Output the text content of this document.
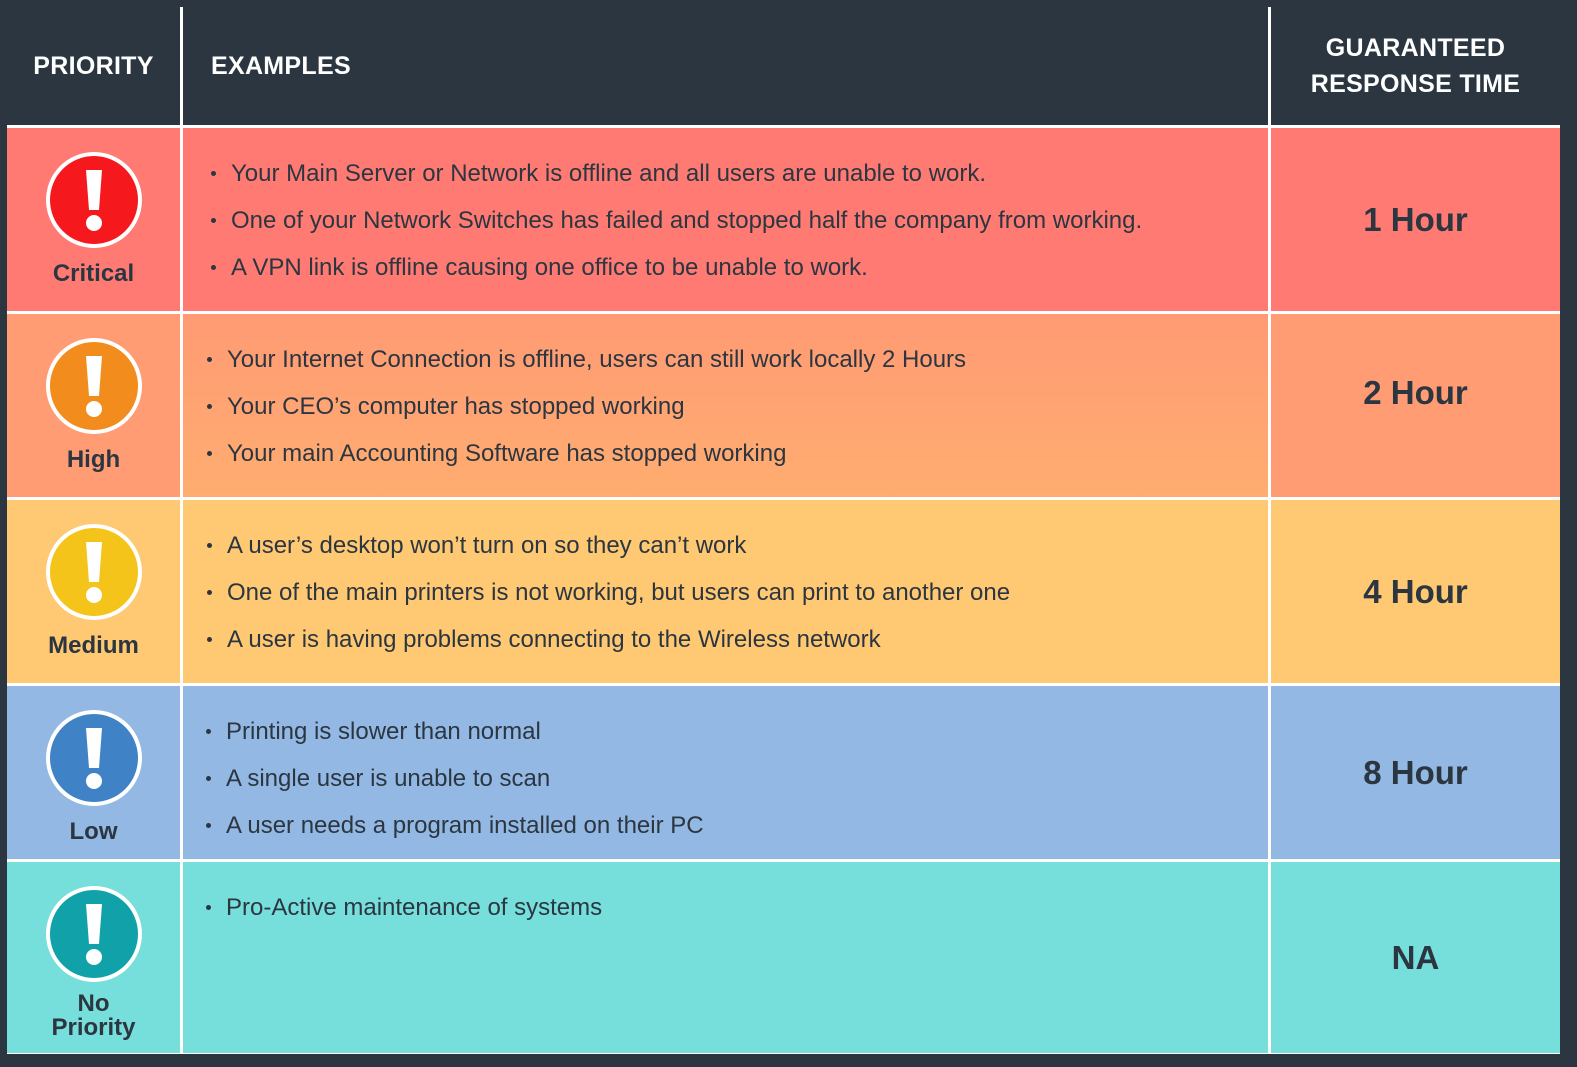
PRIORITY EXAMPLES
GUARANTEED
RESPONSE TIME
Critical
Your Main Server or Network is offline and all users are unable to work.
One of your Network Switches has failed and stopped half the company from working.
A VPN link is offline causing one office to be unable to work.
1 Hour
High
Your Internet Connection is offline, users can still work locally 2 Hours
Your CEO’s computer has stopped working
Your main Accounting Software has stopped working
2 Hour
Medium
A user’s desktop won’t turn on so they can’t work
One of the main printers is not working, but users can print to another one
A user is having problems connecting to the Wireless network
4 Hour
Low
Printing is slower than normal
A single user is unable to scan
A user needs a program installed on their PC
8 Hour
No
Priority
Pro-Active maintenance of systems
NA
